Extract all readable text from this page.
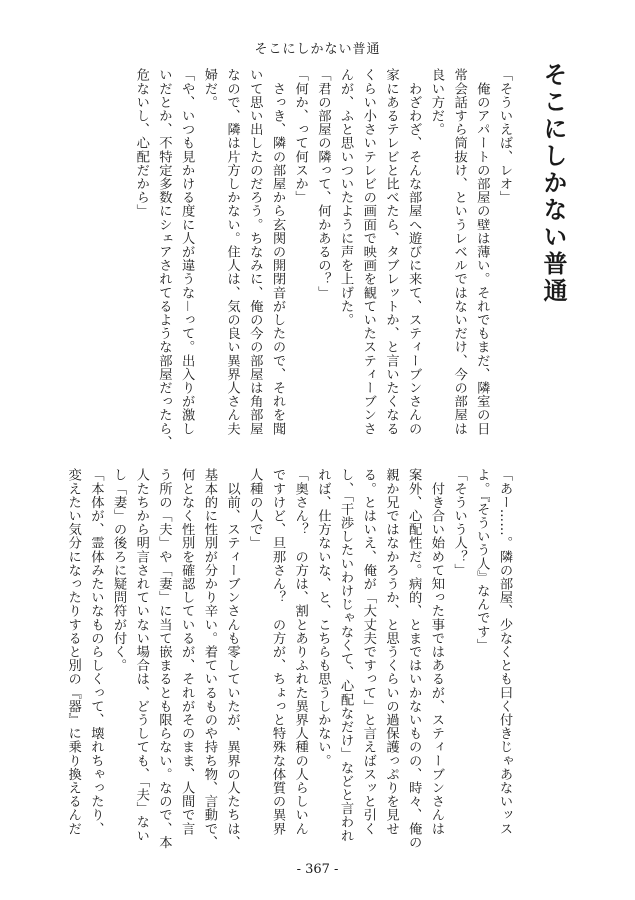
そこにしかない普通
そこにしかない普通
「そういえば、レオ」
　俺のアパートの部屋の壁は薄い。それでもまだ、隣室の日
常会話すら筒抜け、というレベルではないだけ、今の部屋は
良い方だ。
　わざわざ、そんな部屋へ遊びに来て、スティーブンさんの
家にあるテレビと比べたら、タブレットか、と言いたくなる
くらい小さいテレビの画面で映画を観ていたスティーブンさ
んが、ふと思いついたように声を上げた。
「君の部屋の隣って、何かあるの？」
「何か、って何スか」
　さっき、隣の部屋から玄関の開閉音がしたので、それを聞
いて思い出したのだろう。ちなみに、俺の今の部屋は角部屋
なので、隣は片方しかない。住人は、気の良い異界人さん夫
婦だ。
「や、いつも見かける度に人が違うな－って。出入りが激し
いだとか、不特定多数にシェアされてるような部屋だったら、
危ないし、心配だから」
「あー……。隣の部屋、少なくとも曰く付きじゃあないッス
よ。『そういう人』なんです」
「そういう人？」
　付き合い始めて知った事ではあるが、スティーブンさんは
案外、心配性だ。病的、とまではいかないものの、時々、俺の
親か兄ではなかろうか、と思うくらいの過保護っぷりを見せ
る。とはいえ、俺が「大丈夫ですって」と言えばスッと引く
し、「干渉したいわけじゃなくて、心配なだけ」などと言われ
れば、仕方ないな、と、こちらも思うしかない。
「奥さん？　の方は、割とありふれた異界人種の人らしいん
ですけど、旦那さん？　の方が、ちょっと特殊な体質の異界
人種の人で」
　以前、スティーブンさんも零していたが、異界の人たちは、
基本的に性別が分かり辛い。着ているものや持ち物、言動で、
何となく性別を確認しているが、それがそのまま、人間で言
う所の「夫」や「妻」に当て嵌まるとも限らない。なので、本
人たちから明言されていない場合は、どうしても、「夫」ない
し「妻」の後ろに疑問符が付く。
「本体が、霊体みたいなものらしくって、壊れちゃったり、
変えたい気分になったりすると別の『器』に乗り換えるんだ
- 367 -
